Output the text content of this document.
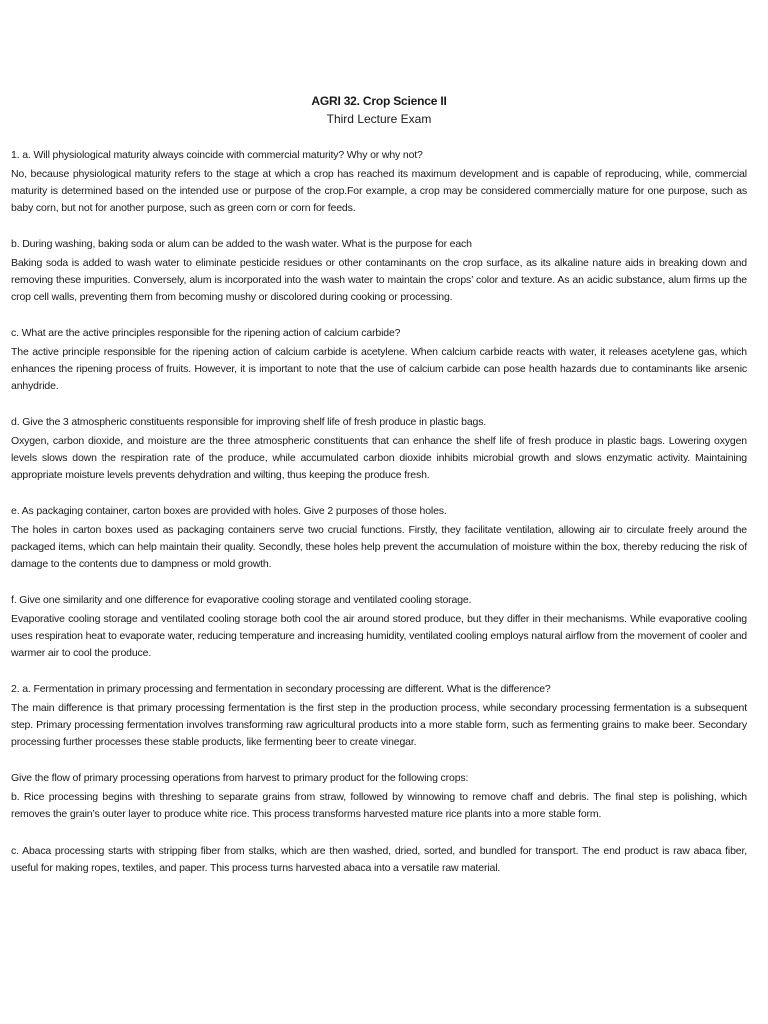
AGRI 32. Crop Science II

Third Lecture Exam

1. a. Will physiological maturity always coincide with commercial maturity? Why or why not?

No, because physiological maturity refers to the stage at which a crop has reached its maximum development and is capable of reproducing, while, commercial maturity is determined based on the intended use or purpose of the crop.For example, a crop may be considered commercially mature for one purpose, such as baby corn, but not for another purpose, such as green corn or corn for feeds.

b. During washing, baking soda or alum can be added to the wash water. What is the purpose for each

Baking soda is added to wash water to eliminate pesticide residues or other contaminants on the crop surface, as its alkaline nature aids in breaking down and removing these impurities. Conversely, alum is incorporated into the wash water to maintain the crops’ color and texture. As an acidic substance, alum firms up the crop cell walls, preventing them from becoming mushy or discolored during cooking or processing.

c. What are the active principles responsible for the ripening action of calcium carbide?

The active principle responsible for the ripening action of calcium carbide is acetylene. When calcium carbide reacts with water, it releases acetylene gas, which enhances the ripening process of fruits. However, it is important to note that the use of calcium carbide can pose health hazards due to contaminants like arsenic anhydride.

d. Give the 3 atmospheric constituents responsible for improving shelf life of fresh produce in plastic bags.

Oxygen, carbon dioxide, and moisture are the three atmospheric constituents that can enhance the shelf life of fresh produce in plastic bags. Lowering oxygen levels slows down the respiration rate of the produce, while accumulated carbon dioxide inhibits microbial growth and slows enzymatic activity. Maintaining appropriate moisture levels prevents dehydration and wilting, thus keeping the produce fresh.

e. As packaging container, carton boxes are provided with holes. Give 2 purposes of those holes.

The holes in carton boxes used as packaging containers serve two crucial functions. Firstly, they facilitate ventilation, allowing air to circulate freely around the packaged items, which can help maintain their quality. Secondly, these holes help prevent the accumulation of moisture within the box, thereby reducing the risk of damage to the contents due to dampness or mold growth.

f. Give one similarity and one difference for evaporative cooling storage and ventilated cooling storage.

Evaporative cooling storage and ventilated cooling storage both cool the air around stored produce, but they differ in their mechanisms. While evaporative cooling uses respiration heat to evaporate water, reducing temperature and increasing humidity, ventilated cooling employs natural airflow from the movement of cooler and warmer air to cool the produce.

2. a. Fermentation in primary processing and fermentation in secondary processing are different. What is the difference?

The main difference is that primary processing fermentation is the first step in the production process, while secondary processing fermentation is a subsequent step. Primary processing fermentation involves transforming raw agricultural products into a more stable form, such as fermenting grains to make beer. Secondary processing further processes these stable products, like fermenting beer to create vinegar.

Give the flow of primary processing operations from harvest to primary product for the following crops:

b. Rice processing begins with threshing to separate grains from straw, followed by winnowing to remove chaff and debris. The final step is polishing, which removes the grain’s outer layer to produce white rice. This process transforms harvested mature rice plants into a more stable form.

c. Abaca processing starts with stripping fiber from stalks, which are then washed, dried, sorted, and bundled for transport. The end product is raw abaca fiber, useful for making ropes, textiles, and paper. This process turns harvested abaca into a versatile raw material.
